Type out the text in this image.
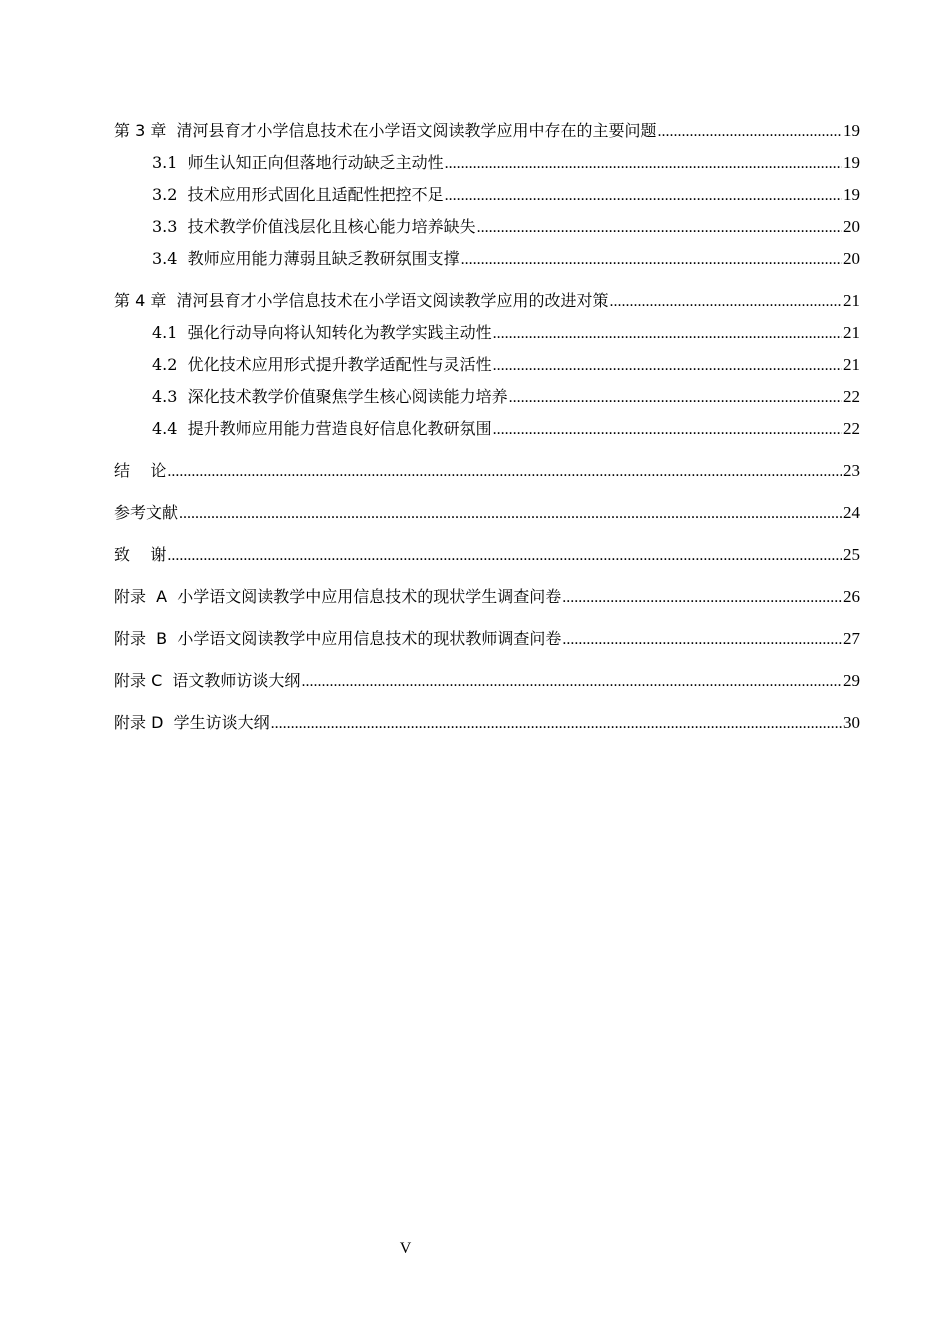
第 3 章  清河县育才小学信息技术在小学语文阅读教学应用中存在的主要问题 .....	19
3.1  师生认知正向但落地行动缺乏主动性 .....	19
3.2  技术应用形式固化且适配性把控不足 .....	19
3.3  技术教学价值浅层化且核心能力培养缺失 .....	20
3.4  教师应用能力薄弱且缺乏教研氛围支撑 .....	20
第 4 章  清河县育才小学信息技术在小学语文阅读教学应用的改进对策 .....	21
4.1  强化行动导向将认知转化为教学实践主动性 .....	21
4.2  优化技术应用形式提升教学适配性与灵活性 .....	21
4.3  深化技术教学价值聚焦学生核心阅读能力培养 .....	22
4.4  提升教师应用能力营造良好信息化教研氛围 .....	22
结    论 .....	23
参考文献 .....	24
致    谢 .....	25
附录  A  小学语文阅读教学中应用信息技术的现状学生调查问卷 .....	26
附录  B  小学语文阅读教学中应用信息技术的现状教师调查问卷 .....	27
附录 C  语文教师访谈大纲 .....	29
附录 D  学生访谈大纲 .....	30
V
